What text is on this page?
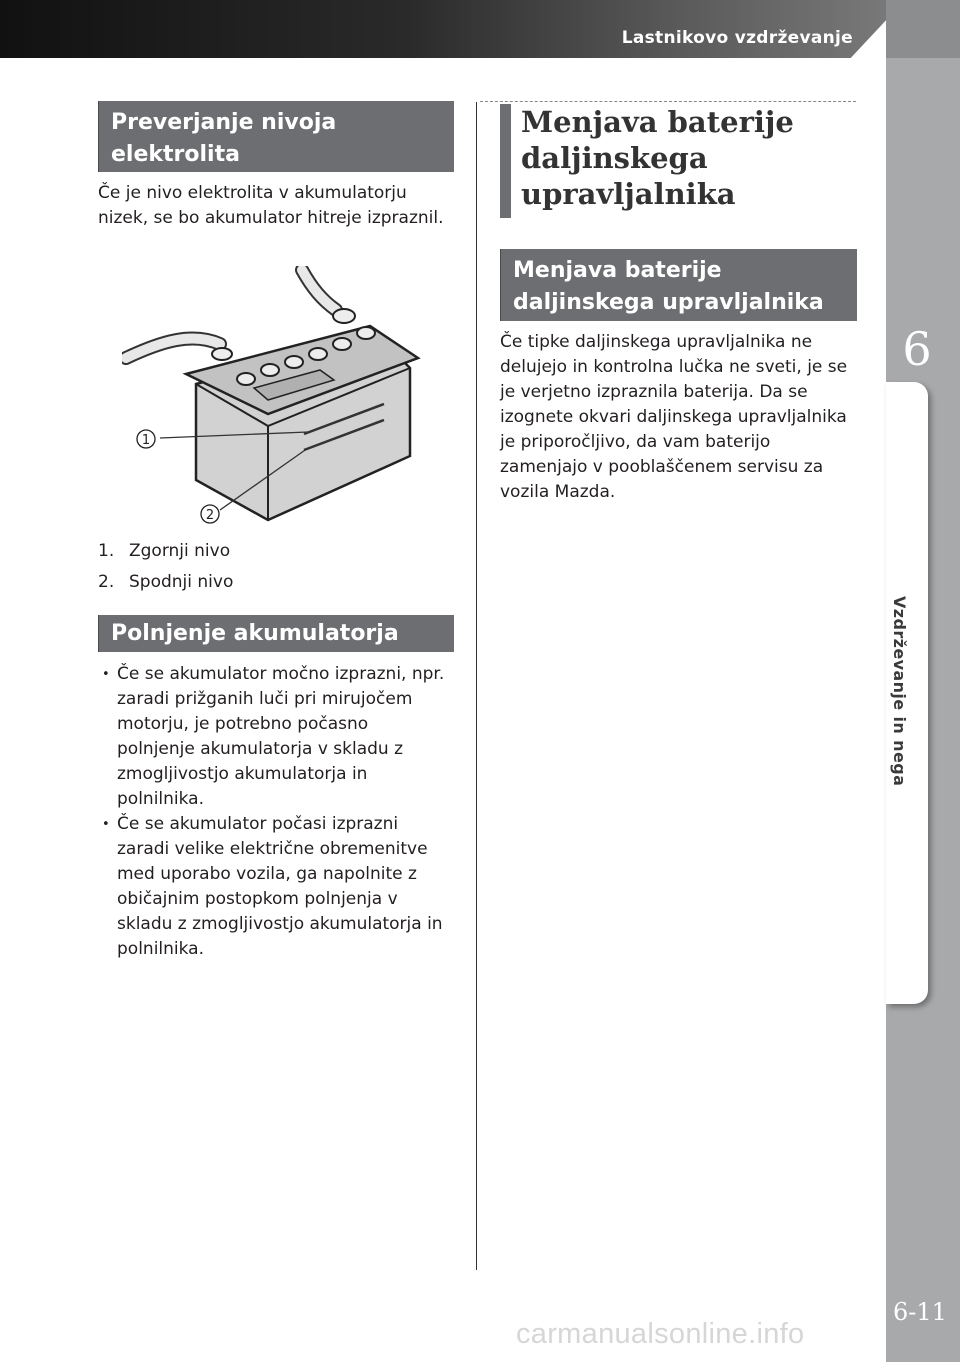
Lastnikovo vzdrževanje
6
Vzdrževanje in nega
6-11
Preverjanje nivoja elektrolita
Če je nivo elektrolita v akumulatorju nizek, se bo akumulator hitreje izpraznil.
1
2
1. Zgornji nivo
2. Spodnji nivo
Polnjenje akumulatorja
• Če se akumulator močno izprazni, npr. zaradi prižganih luči pri mirujočem motorju, je potrebno počasno polnjenje akumulatorja v skladu z zmogljivostjo akumulatorja in polnilnika.
• Če se akumulator počasi izprazni zaradi velike električne obremenitve med uporabo vozila, ga napolnite z običajnim postopkom polnjenja v skladu z zmogljivostjo akumulatorja in polnilnika.
Menjava baterije daljinskega upravljalnika
Menjava baterije daljinskega upravljalnika
Če tipke daljinskega upravljalnika ne delujejo in kontrolna lučka ne sveti, je se je verjetno izpraznila baterija. Da se izognete okvari daljinskega upravljalnika je priporočljivo, da vam baterijo zamenjajo v pooblaščenem servisu za vozila Mazda.
carmanualsonline.info
